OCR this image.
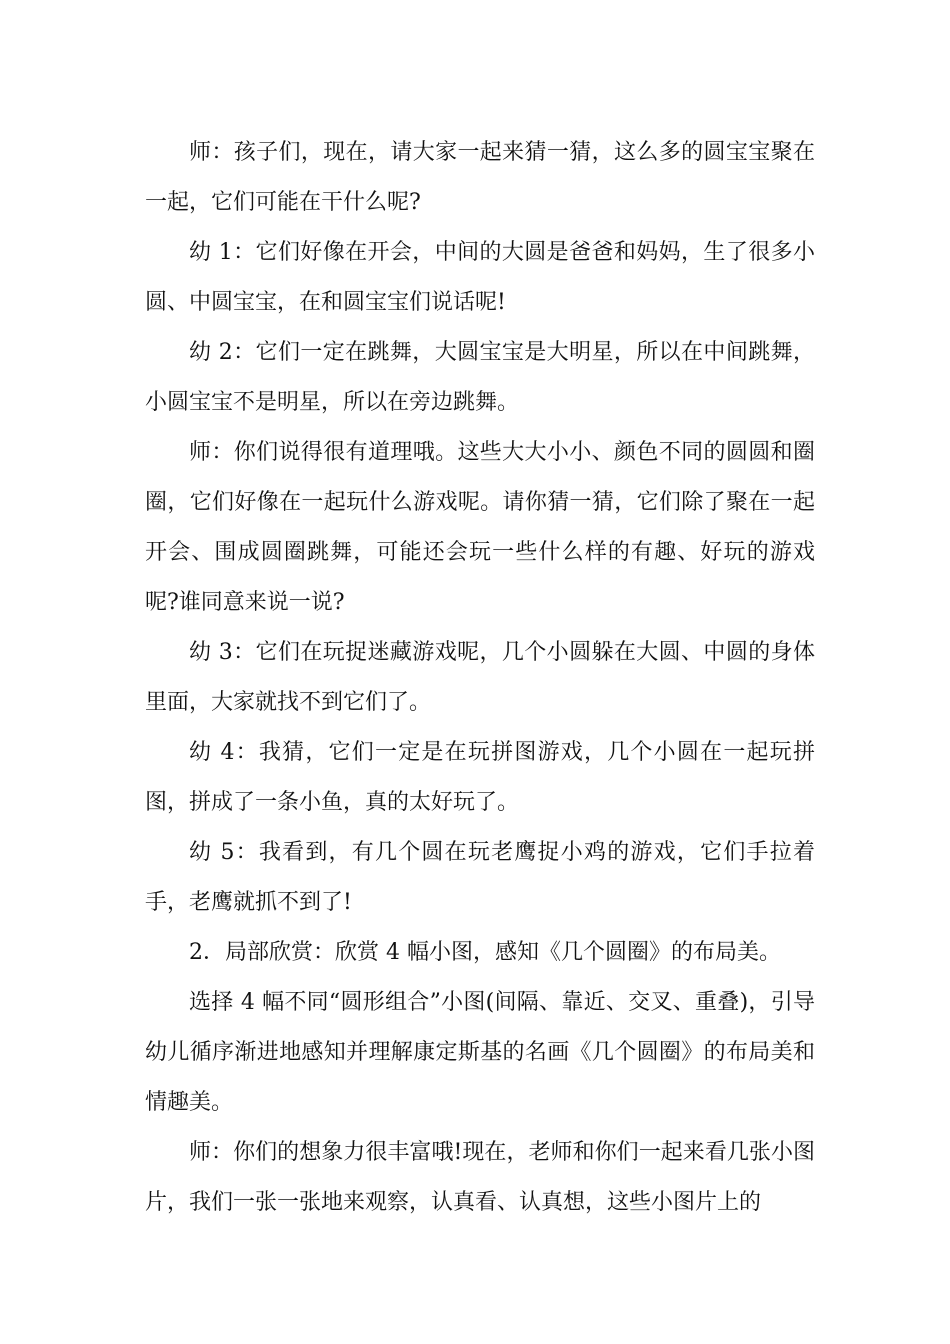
师：孩子们，现在，请大家一起来猜一猜，这么多的圆宝宝聚在一起，它们可能在干什么呢?

幼 1：它们好像在开会，中间的大圆是爸爸和妈妈，生了很多小圆、中圆宝宝，在和圆宝宝们说话呢!

幼 2：它们一定在跳舞，大圆宝宝是大明星，所以在中间跳舞，小圆宝宝不是明星，所以在旁边跳舞。

师：你们说得很有道理哦。这些大大小小、颜色不同的圆圆和圈圈，它们好像在一起玩什么游戏呢。请你猜一猜，它们除了聚在一起开会、围成圆圈跳舞，可能还会玩一些什么样的有趣、好玩的游戏呢?谁同意来说一说?

幼 3：它们在玩捉迷藏游戏呢，几个小圆躲在大圆、中圆的身体里面，大家就找不到它们了。

幼 4：我猜，它们一定是在玩拼图游戏，几个小圆在一起玩拼图，拼成了一条小鱼，真的太好玩了。

幼 5：我看到，有几个圆在玩老鹰捉小鸡的游戏，它们手拉着手，老鹰就抓不到了!

2．局部欣赏：欣赏 4 幅小图，感知《几个圆圈》的布局美。

选择 4 幅不同“圆形组合”小图(间隔、靠近、交叉、重叠)，引导幼儿循序渐进地感知并理解康定斯基的名画《几个圆圈》的布局美和情趣美。

师：你们的想象力很丰富哦!现在，老师和你们一起来看几张小图片，我们一张一张地来观察，认真看、认真想，这些小图片上的
